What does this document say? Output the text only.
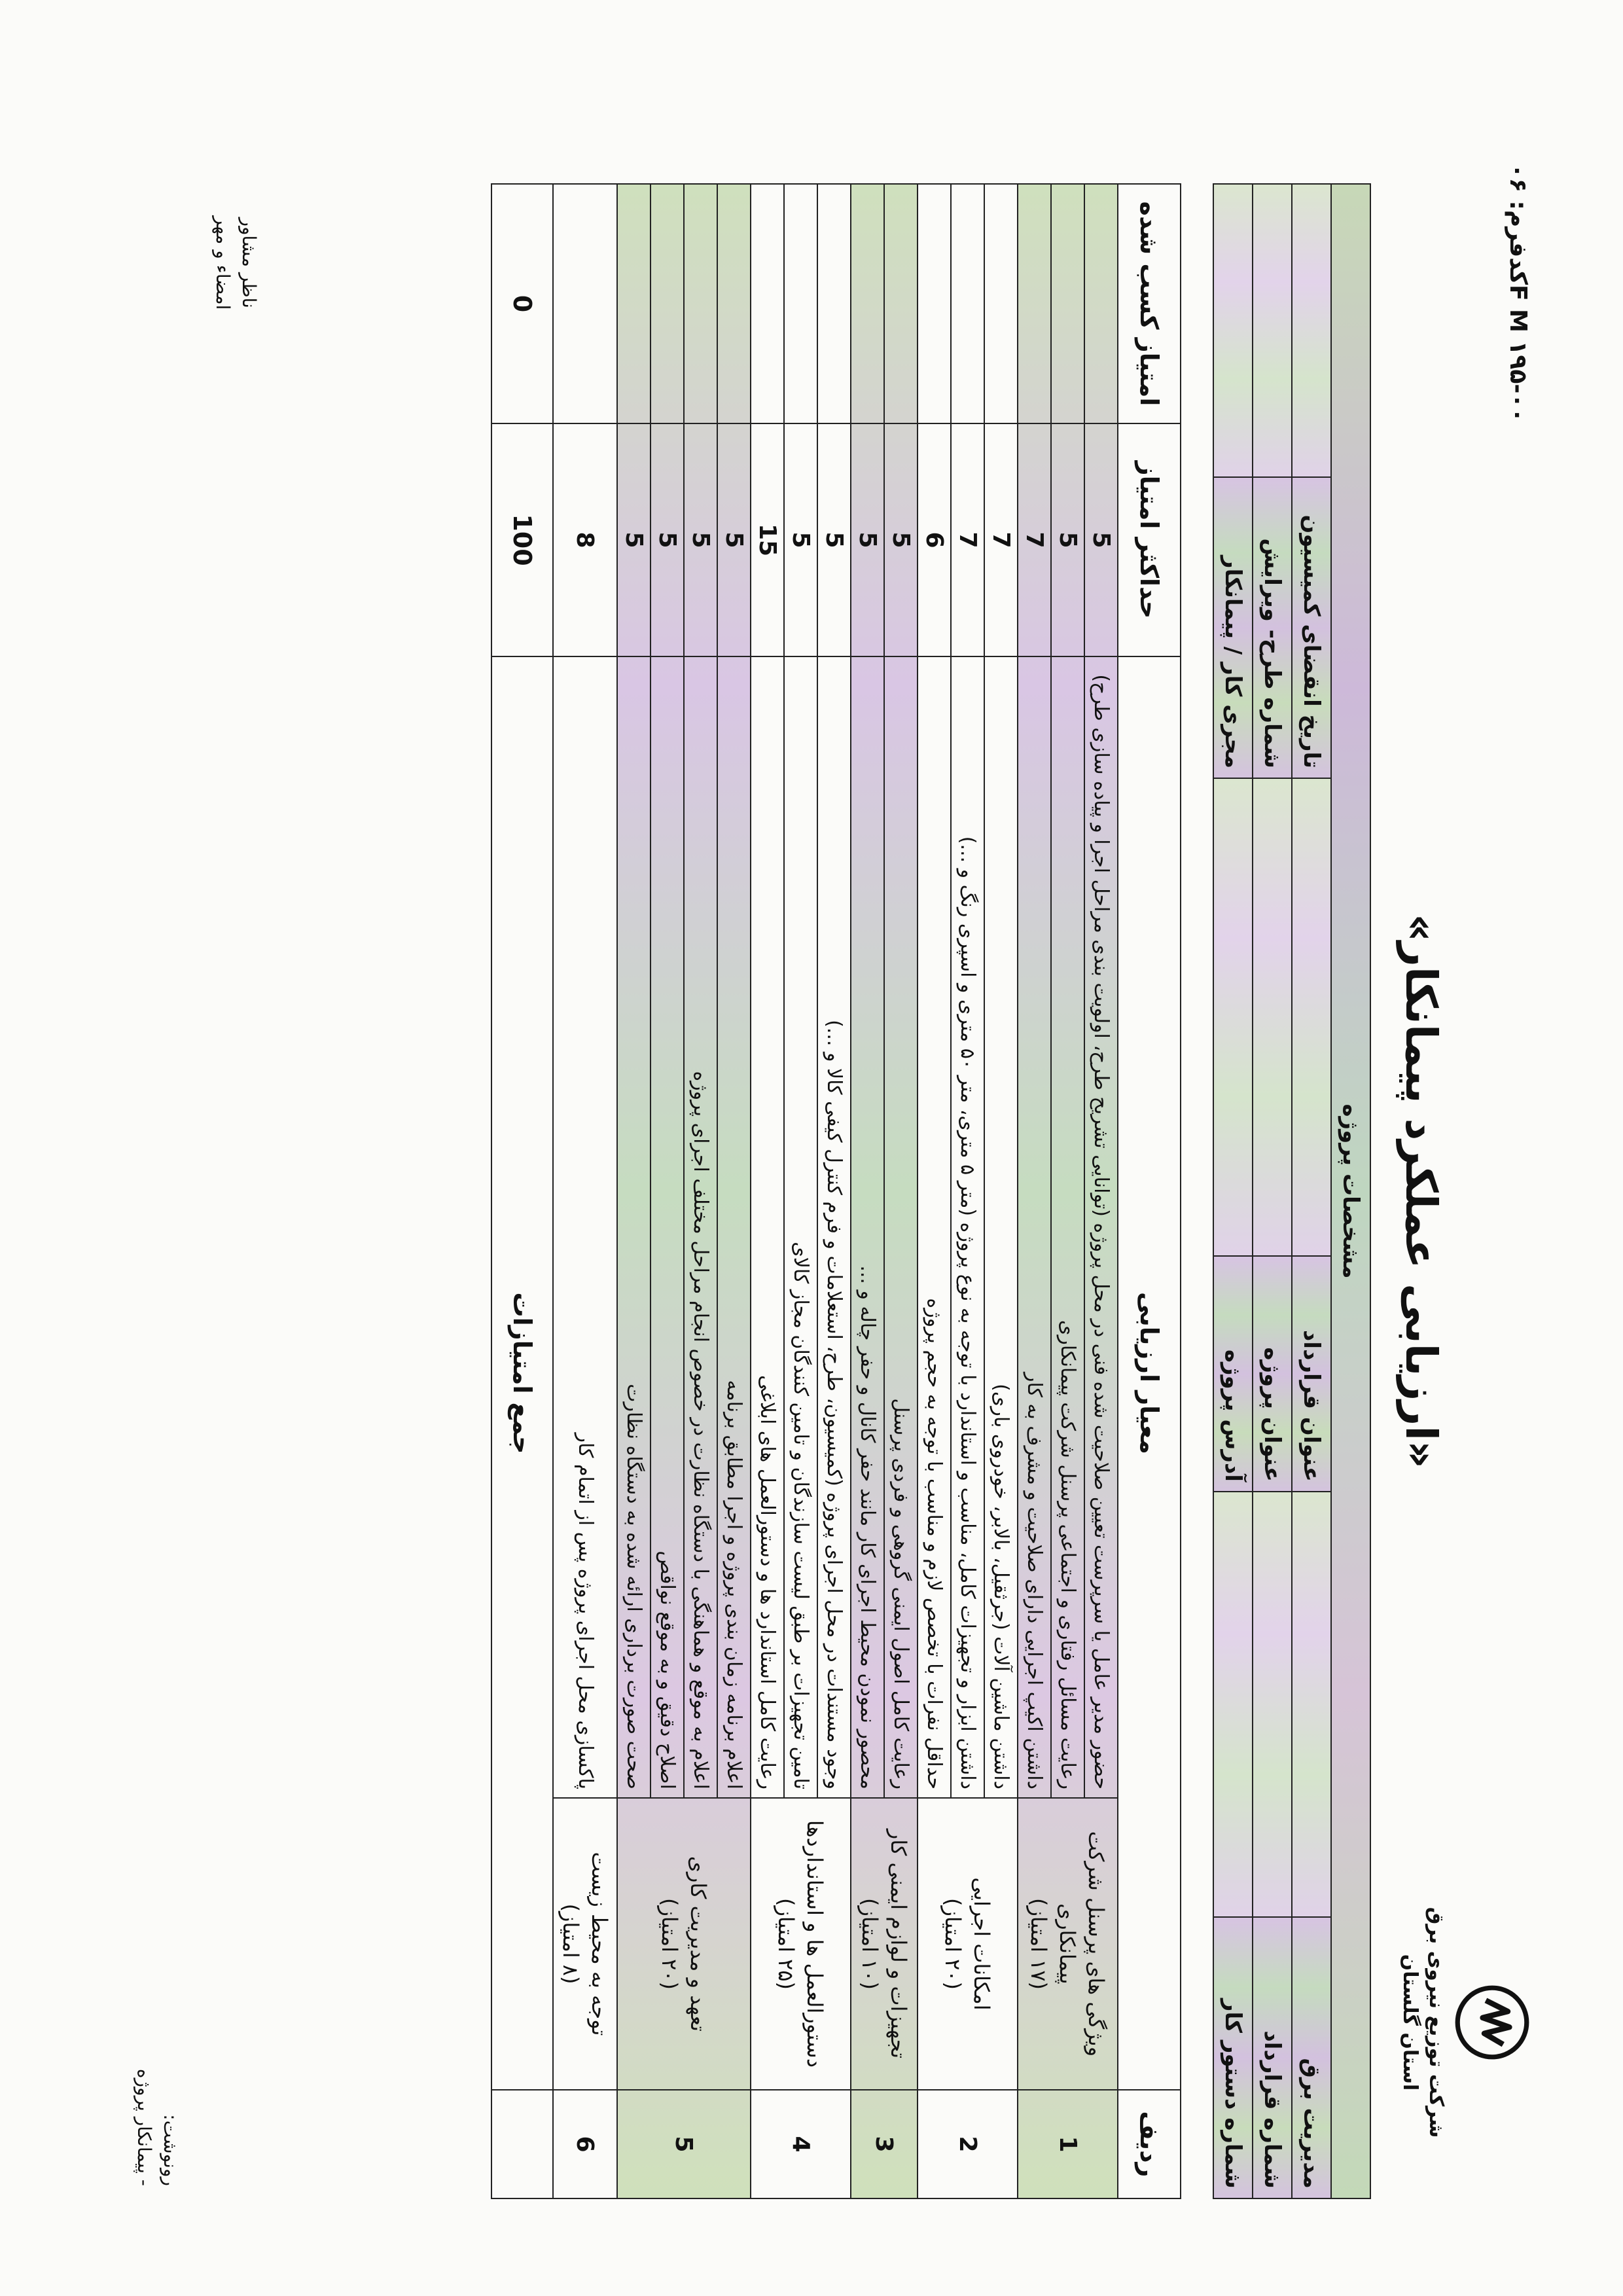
کدفرم: ۰۶F M ۱۹۵-۰۰
شرکت توزیع نیروی برق
استان گلستان
«ارزیابی عملکرد پیمانکار»
مشخصات پروژه					
مدیریت برق		عنوان قرارداد		تاریخ انقضای کمیسیون	
شماره قرارداد		عنوان پروژه		شماره طرح- ویرایش	
شماره دستور کار		آدرس پروژه		مجری کار / پیمانکار	
ردیف	معیار ارزیابی		حداکثر امتیاز	امتیاز کسب شده
1	ویژگی های پرسنل شرکت پیمانکاری
(۱۷ امتیاز)	حضور مدیر عامل یا سرپرست تعیین صلاحیت شده فنی در محل پروژه (توانایی تشریح طرح، اولویت بندی مراحل اجرا و پیاده سازی طرح)	5	
		رعایت مسائل رفتاری و اجتماعی پرسنل شرکت پیمانکاری	5	
		داشتن اکیپ اجرایی دارای صلاحیت و مشرف به کار	7	
2	امکانات اجرایی
(۲۰ امتیاز)	داشتن ماشین آلات (جرثقیل، بالابر، خودروی باری)	7	
		داشتن ابزار و تجهیزات کامل، مناسب و استاندارد با توجه به نوع پروژه (متر ۵ متری، متر ۵۰ متری و اسپری رنگ و ...)	7	
		حداقل نفرات با تخصص لازم و مناسب با توجه به حجم پروژه	6	
3	تجهیزات و لوازم ایمنی کار
(۱۰ امتیاز)	رعایت کامل اصول ایمنی گروهی و فردی پرسنل	5	
		محصور نمودن محیط اجرای کار مانند حفر کانال و حفر چاله و ...	5	
4	دستورالعمل ها و استانداردها
(۲۵ امتیاز)	وجود مستندات در محل اجرای پروژه (کمیسیون، طرح، استعلامات و فرم کنترل کیفی کالا و ...)	5	
		تامین تجهیزات بر طبق لیست سازندگان و تامین کنندگان مجاز کالای	5	
		رعایت کامل استاندارد ها و دستورالعمل های ابلاغی	15	
5	تعهد و مدیریت کاری
(۲۰ امتیاز)	اعلام برنامه زمان بندی پروژه و اجرا مطابق برنامه	5	
		اعلام به موقع و هماهنگی با دستگاه نظارت در خصوص انجام مراحل مختلف اجرای پروژه	5	
		اصلاح دقیق و به موقع نواقص	5	
		صحت صورت برداری ارائه شده به دستگاه نظارت	5	
6	توجه به محیط زیست
(۸ امتیاز)	پاکسازی محل اجرای پروژه پس از اتمام کار	8	
	جمع امتیازات		100	0
ناظر مشاور
امضاء و مهر
رونوشت:
- پیمانکار پروژه
